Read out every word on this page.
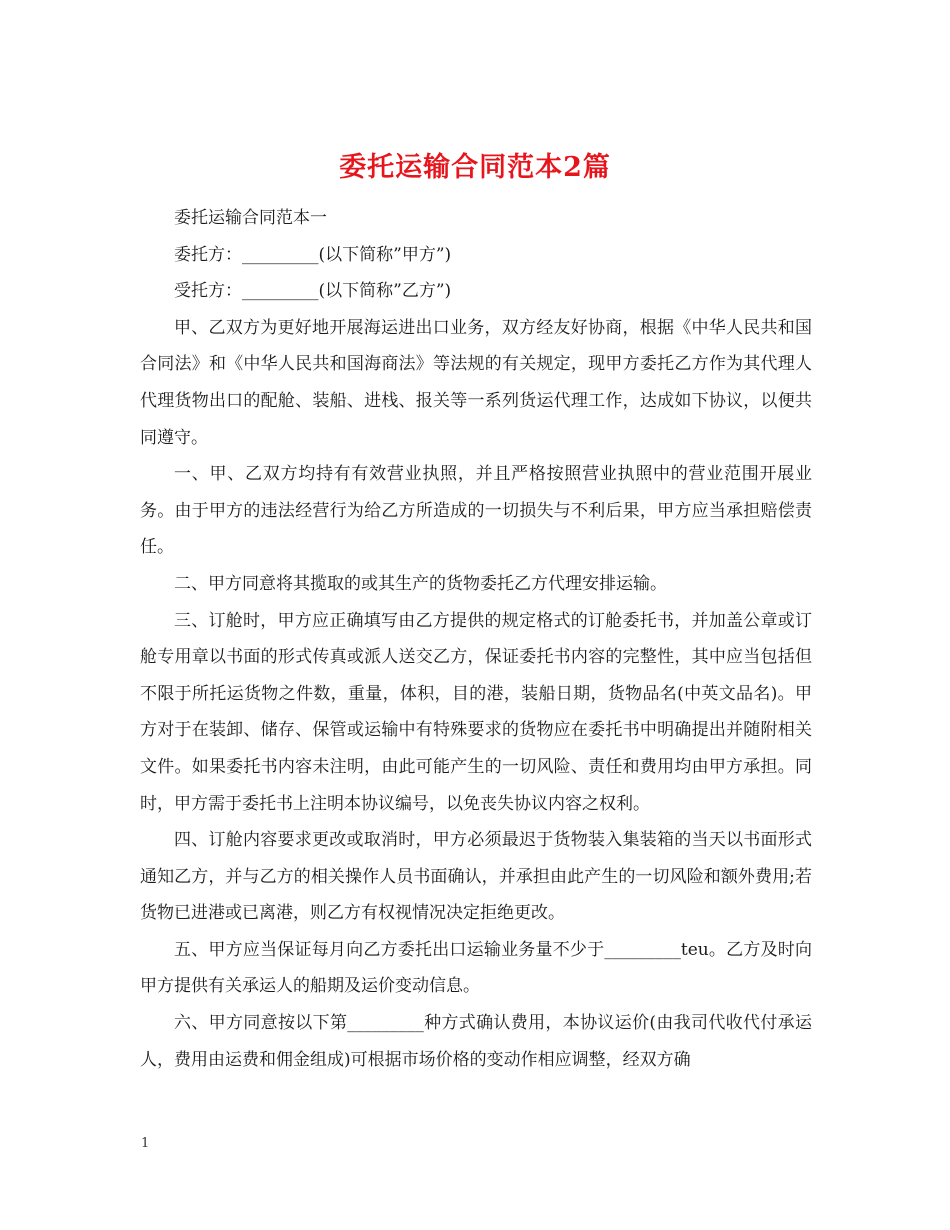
委托运输合同范本2篇

委托运输合同范本一

委托方：_________(以下简称”甲方”)

受托方：_________(以下简称”乙方”)

甲、乙双方为更好地开展海运进出口业务，双方经友好协商，根据《中华人民共和国合同法》和《中华人民共和国海商法》等法规的有关规定，现甲方委托乙方作为其代理人代理货物出口的配舱、装船、进栈、报关等一系列货运代理工作，达成如下协议，以便共同遵守。

一、甲、乙双方均持有有效营业执照，并且严格按照营业执照中的营业范围开展业务。由于甲方的违法经营行为给乙方所造成的一切损失与不利后果，甲方应当承担赔偿责任。

二、甲方同意将其揽取的或其生产的货物委托乙方代理安排运输。

三、订舱时，甲方应正确填写由乙方提供的规定格式的订舱委托书，并加盖公章或订舱专用章以书面的形式传真或派人送交乙方，保证委托书内容的完整性，其中应当包括但不限于所托运货物之件数，重量，体积，目的港，装船日期，货物品名(中英文品名)。甲方对于在装卸、储存、保管或运输中有特殊要求的货物应在委托书中明确提出并随附相关文件。如果委托书内容未注明，由此可能产生的一切风险、责任和费用均由甲方承担。同时，甲方需于委托书上注明本协议编号，以免丧失协议内容之权利。

四、订舱内容要求更改或取消时，甲方必须最迟于货物装入集装箱的当天以书面形式通知乙方，并与乙方的相关操作人员书面确认，并承担由此产生的一切风险和额外费用;若货物已进港或已离港，则乙方有权视情况决定拒绝更改。

五、甲方应当保证每月向乙方委托出口运输业务量不少于_________teu。乙方及时向甲方提供有关承运人的船期及运价变动信息。

六、甲方同意按以下第_________种方式确认费用，本协议运价(由我司代收代付承运人，费用由运费和佣金组成)可根据市场价格的变动作相应调整，经双方确

1
